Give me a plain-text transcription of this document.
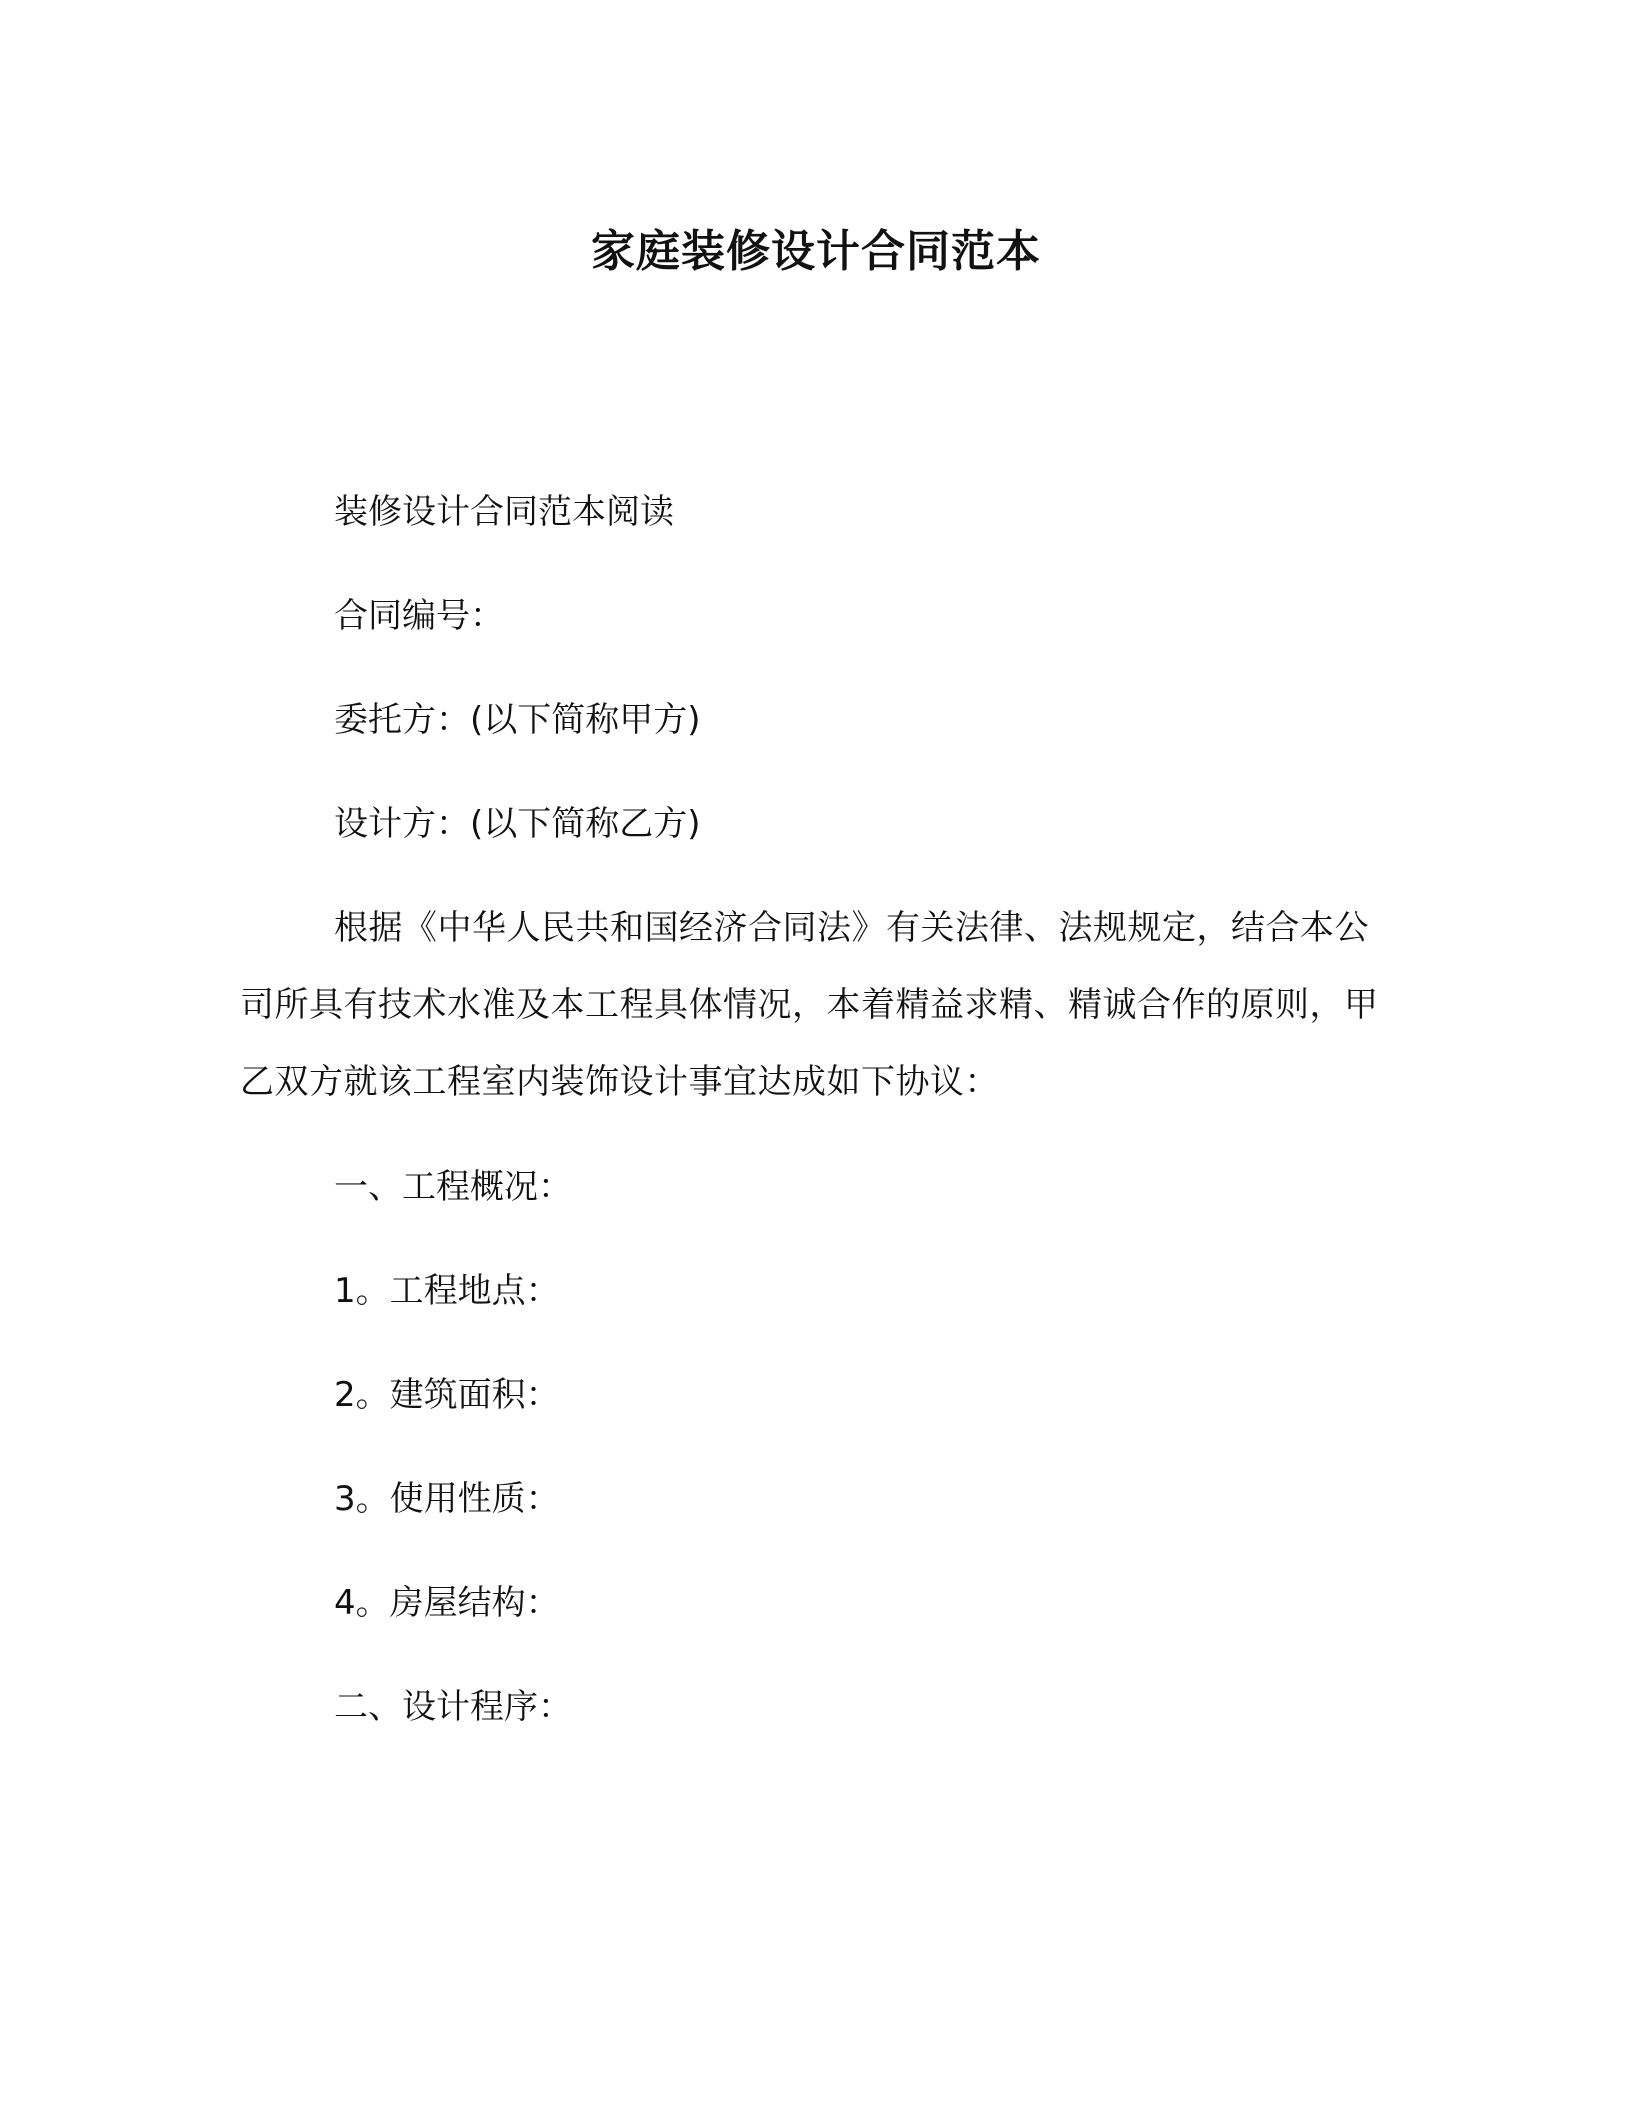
家庭装修设计合同范本

装修设计合同范本阅读

合同编号：

委托方：(以下简称甲方)

设计方：(以下简称乙方)

根据《中华人民共和国经济合同法》有关法律、法规规定，结合本公司所具有技术水准及本工程具体情况，本着精益求精、精诚合作的原则，甲乙双方就该工程室内装饰设计事宜达成如下协议：

一、工程概况：

1。工程地点：

2。建筑面积：

3。使用性质：

4。房屋结构：

二、设计程序：
